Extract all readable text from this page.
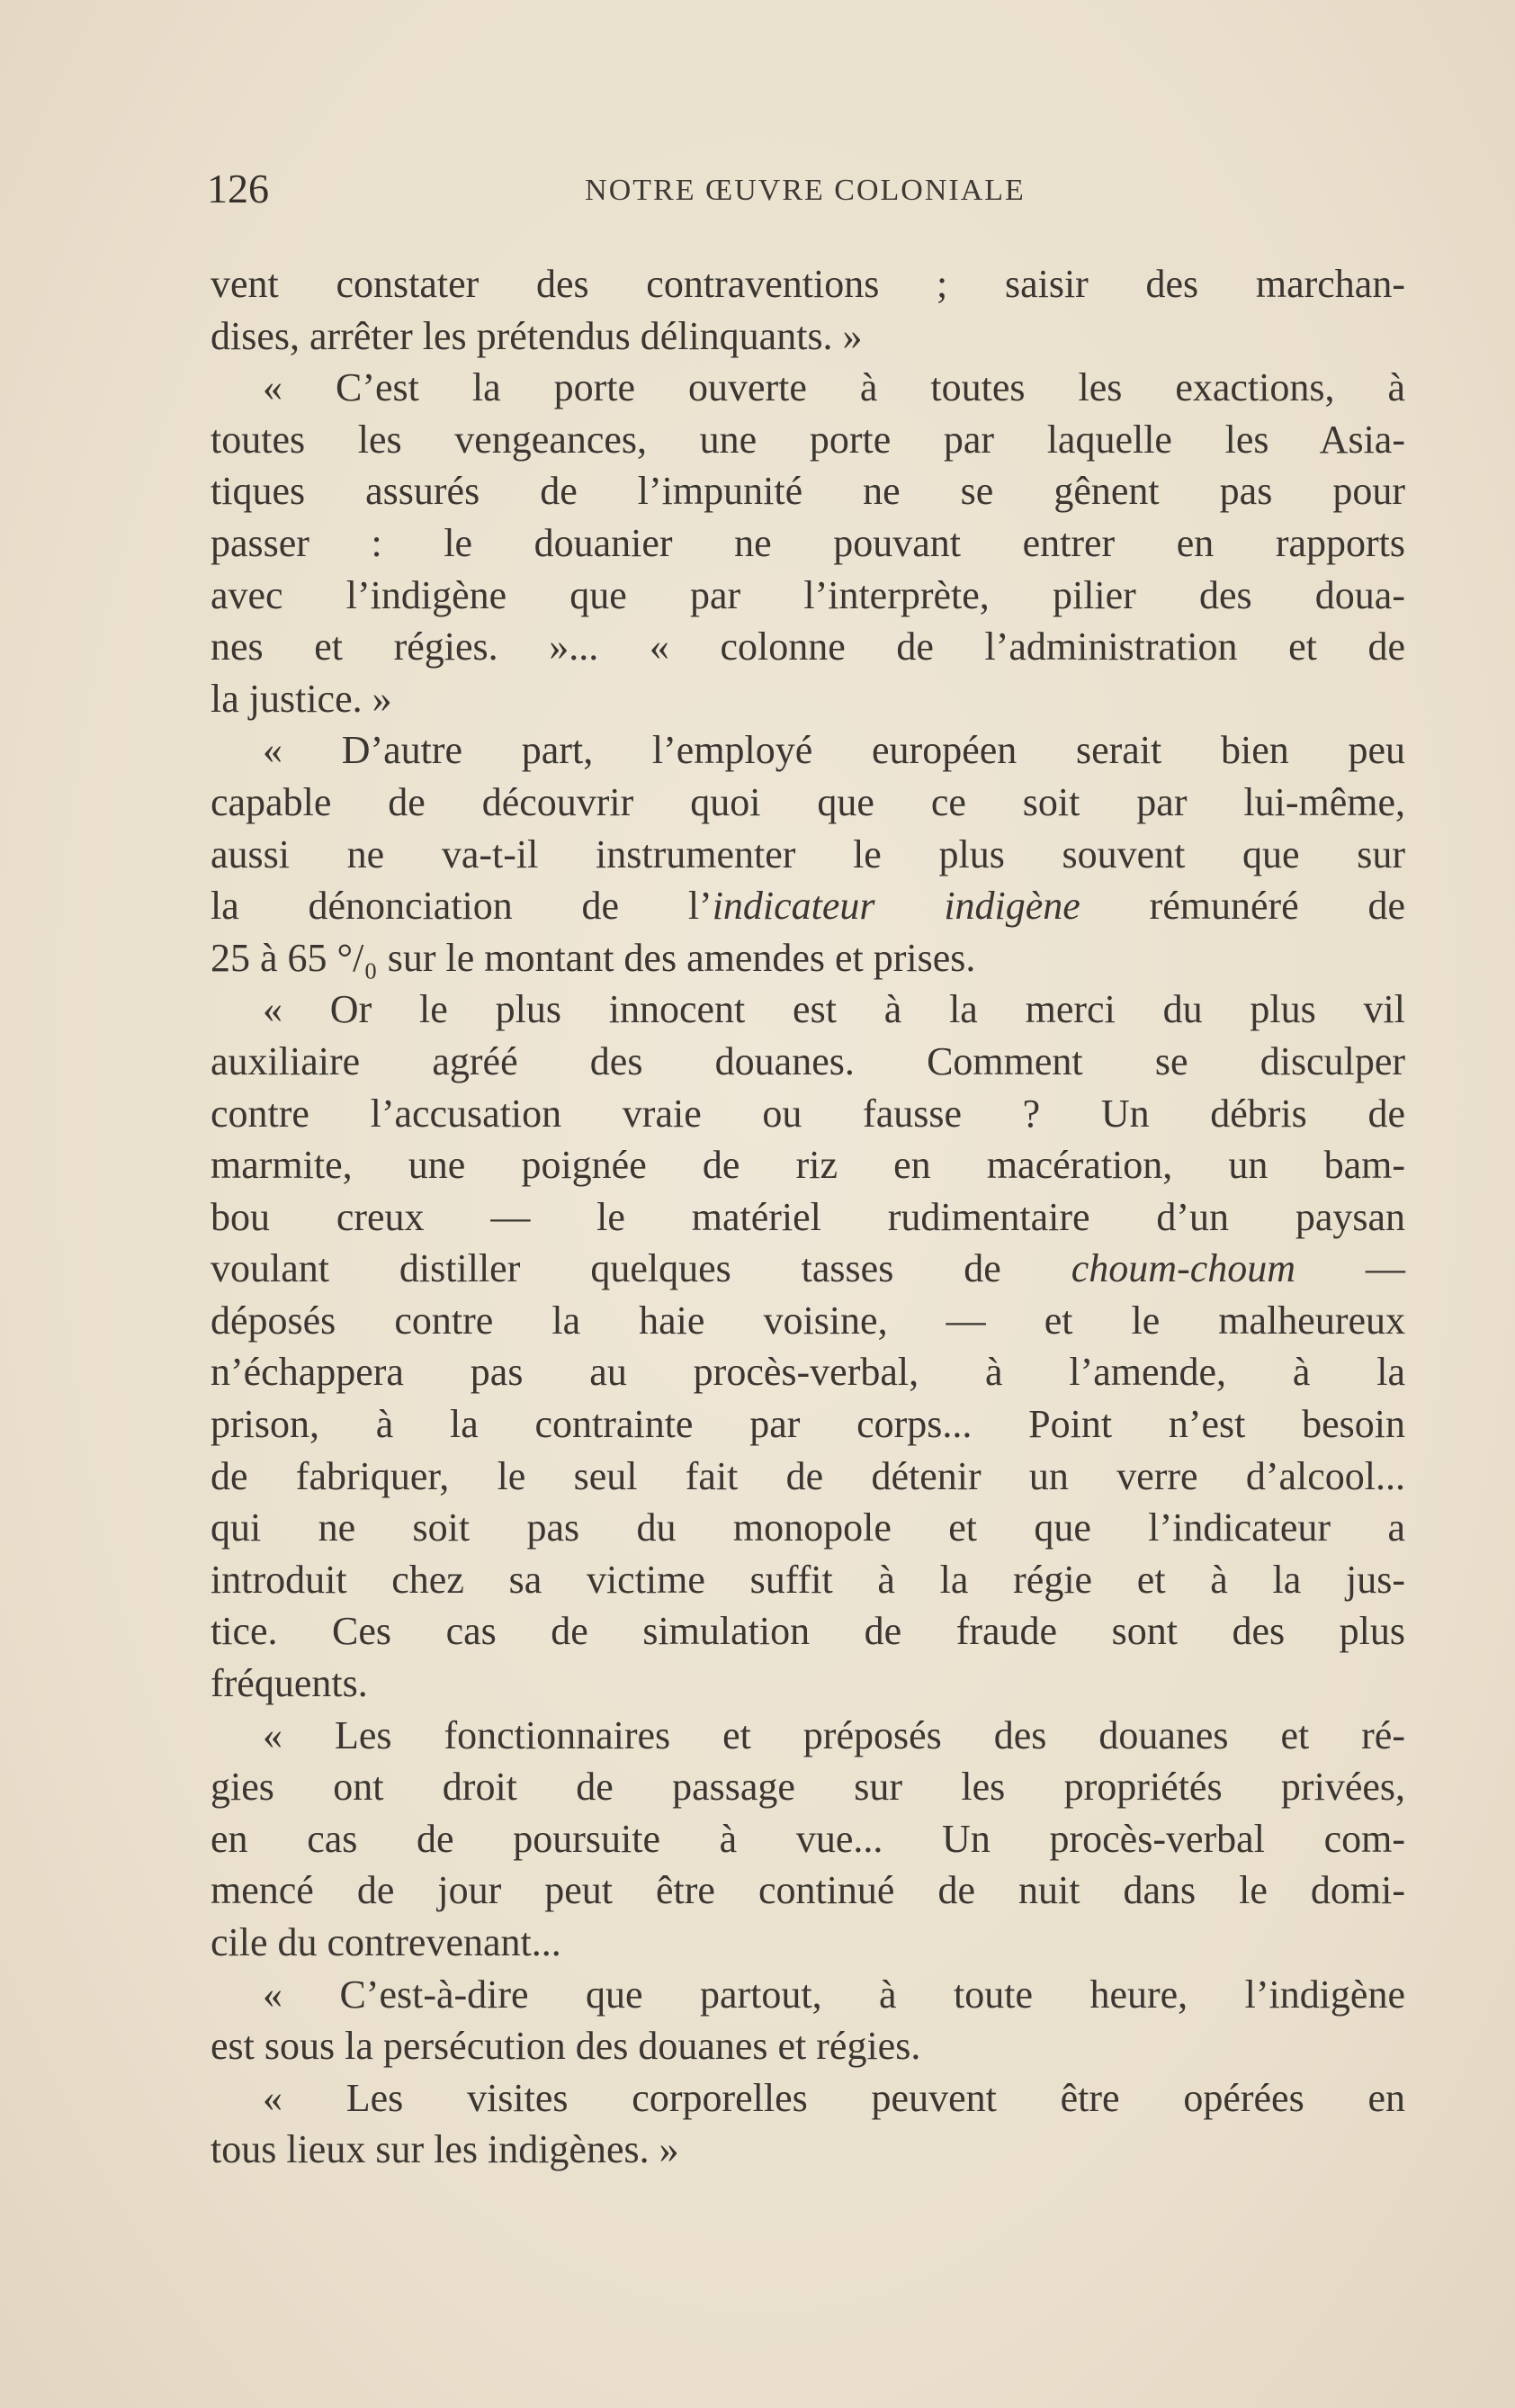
126	NOTRE ŒUVRE COLONIALE
vent constater des contraventions ; saisir des marchan-
dises, arrêter les prétendus délinquants. »
« C’est la porte ouverte à toutes les exactions, à
toutes les vengeances, une porte par laquelle les Asia-
tiques assurés de l’impunité ne se gênent pas pour
passer : le douanier ne pouvant entrer en rapports
avec l’indigène que par l’interprète, pilier des doua-
nes et régies. »... « colonne de l’administration et de
la justice. »
« D’autre part, l’employé européen serait bien peu
capable de découvrir quoi que ce soit par lui-même,
aussi ne va-t-il instrumenter le plus souvent que sur
la dénonciation de l’indicateur indigène rémunéré de
25 à 65 °/₀ sur le montant des amendes et prises.
« Or le plus innocent est à la merci du plus vil
auxiliaire agréé des douanes. Comment se disculper
contre l’accusation vraie ou fausse ? Un débris de
marmite, une poignée de riz en macération, un bam-
bou creux — le matériel rudimentaire d’un paysan
voulant distiller quelques tasses de choum-choum —
déposés contre la haie voisine, — et le malheureux
n’échappera pas au procès-verbal, à l’amende, à la
prison, à la contrainte par corps... Point n’est besoin
de fabriquer, le seul fait de détenir un verre d’alcool...
qui ne soit pas du monopole et que l’indicateur a
introduit chez sa victime suffit à la régie et à la jus-
tice. Ces cas de simulation de fraude sont des plus
fréquents.
« Les fonctionnaires et préposés des douanes et ré-
gies ont droit de passage sur les propriétés privées,
en cas de poursuite à vue... Un procès-verbal com-
mencé de jour peut être continué de nuit dans le domi-
cile du contrevenant...
« C’est-à-dire que partout, à toute heure, l’indigène
est sous la persécution des douanes et régies.
« Les visites corporelles peuvent être opérées en
tous lieux sur les indigènes. »
